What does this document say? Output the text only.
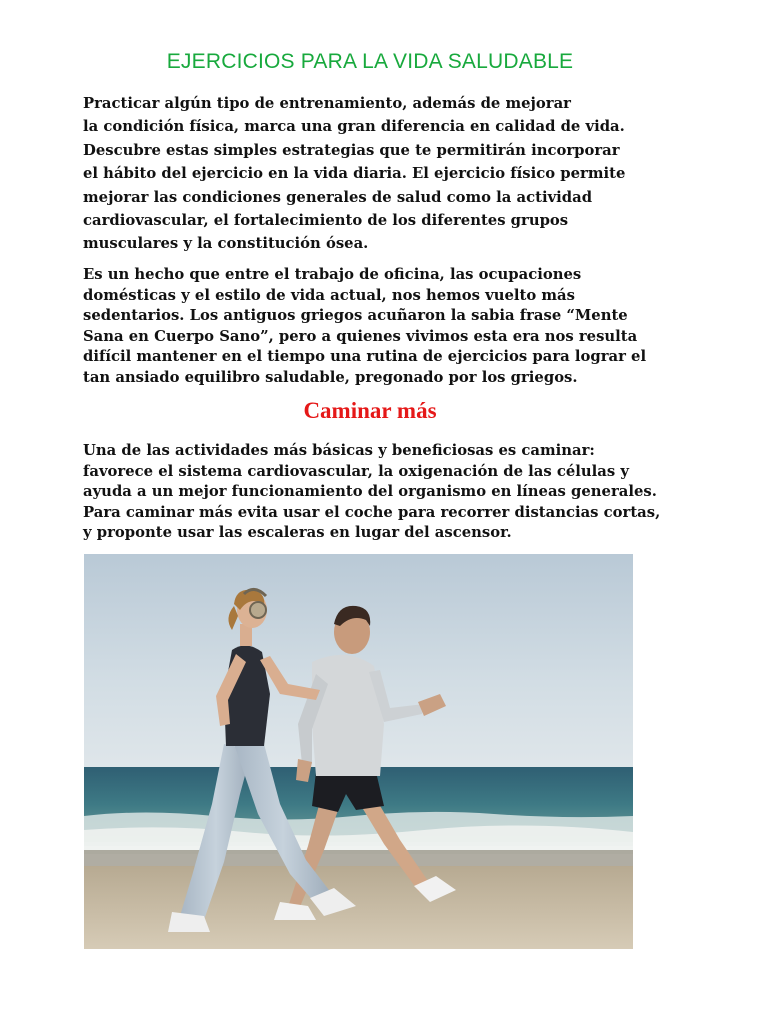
EJERCICIOS PARA LA VIDA SALUDABLE

Practicar algún tipo de entrenamiento, además de mejorar
la condición física, marca una gran diferencia en calidad de vida.
Descubre estas simples estrategias que te permitirán incorporar
el hábito del ejercicio en la vida diaria. El ejercicio físico permite
mejorar las condiciones generales de salud como la actividad
cardiovascular, el fortalecimiento de los diferentes grupos
musculares y la constitución ósea.

Es un hecho que entre el trabajo de oficina, las ocupaciones
domésticas y el estilo de vida actual, nos hemos vuelto más
sedentarios. Los antiguos griegos acuñaron la sabia frase “Mente
Sana en Cuerpo Sano”, pero a quienes vivimos esta era nos resulta
difícil mantener en el tiempo una rutina de ejercicios para lograr el
tan ansiado equilibro saludable, pregonado por los griegos.

Caminar más

Una de las actividades más básicas y beneficiosas es caminar:
favorece el sistema cardiovascular, la oxigenación de las células y
ayuda a un mejor funcionamiento del organismo en líneas generales.
Para caminar más evita usar el coche para recorrer distancias cortas,
y proponte usar las escaleras en lugar del ascensor.
